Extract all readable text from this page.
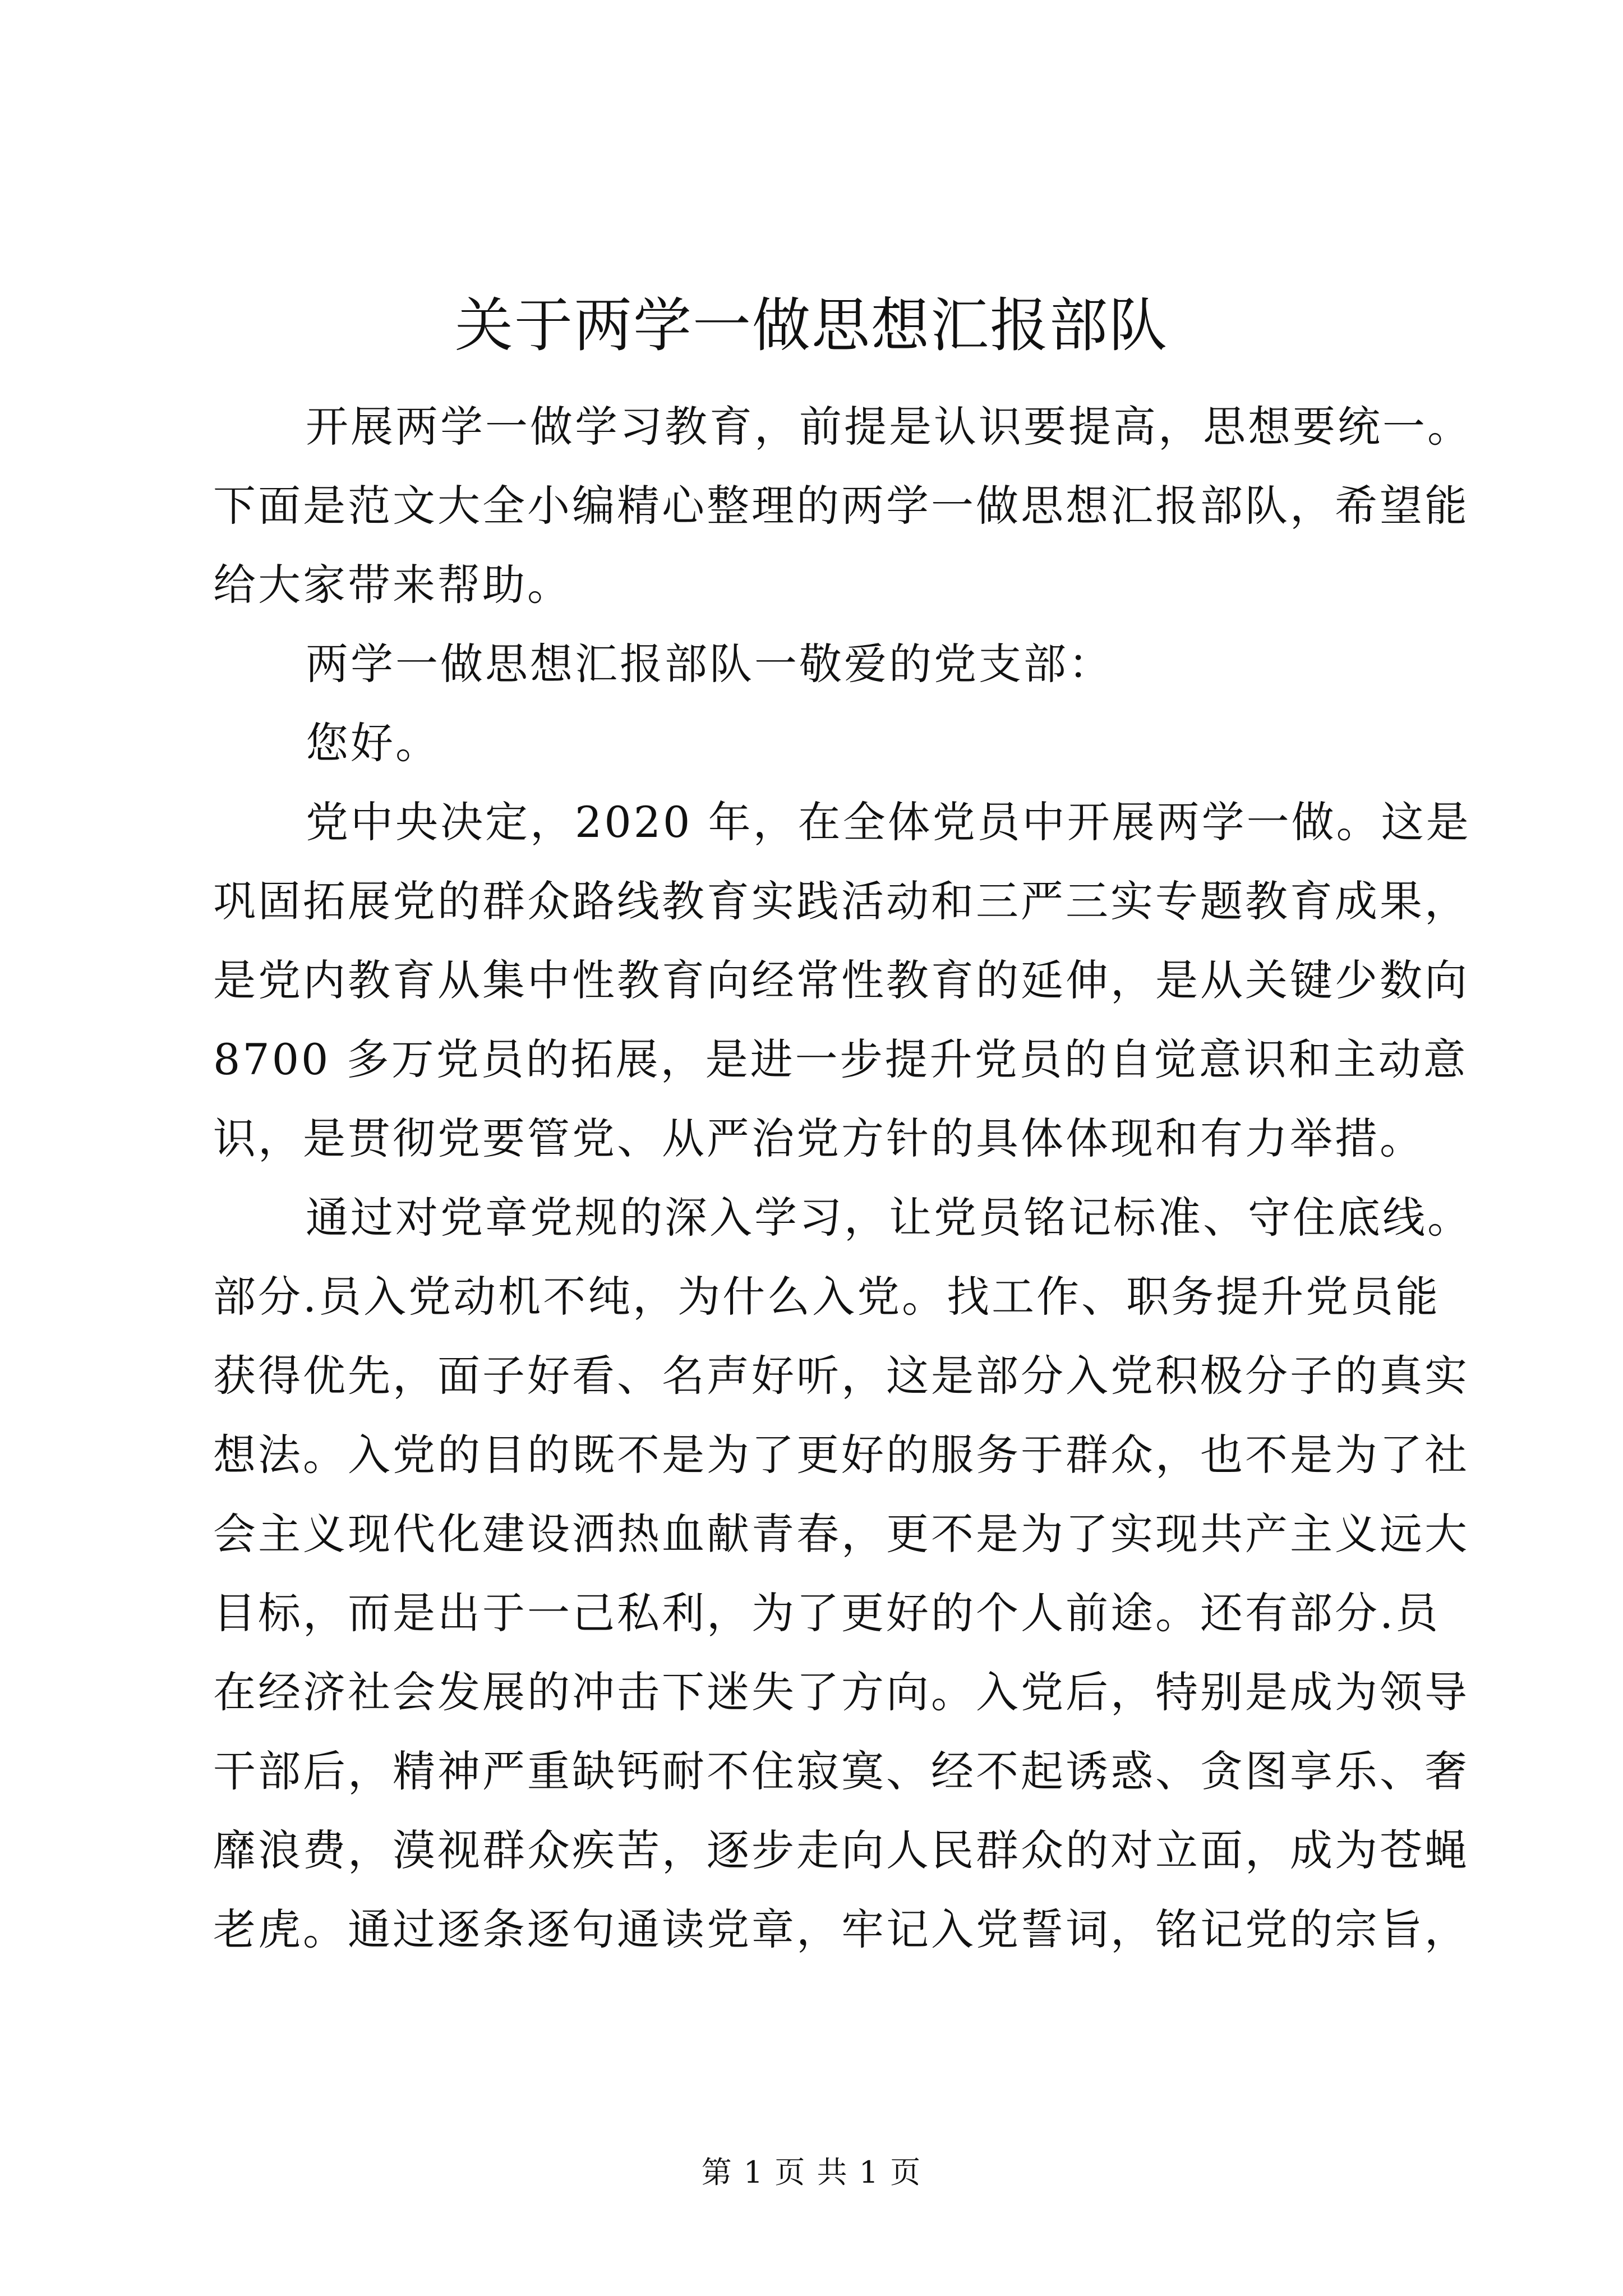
关于两学一做思想汇报部队
开展两学一做学习教育，前提是认识要提高，思想要统一。
下面是范文大全小编精心整理的两学一做思想汇报部队，希望能
给大家带来帮助。
两学一做思想汇报部队一敬爱的党支部：
您好。
党中央决定，2020 年，在全体党员中开展两学一做。这是
巩固拓展党的群众路线教育实践活动和三严三实专题教育成果，
是党内教育从集中性教育向经常性教育的延伸，是从关键少数向
8700 多万党员的拓展，是进一步提升党员的自觉意识和主动意
识，是贯彻党要管党、从严治党方针的具体体现和有力举措。
通过对党章党规的深入学习，让党员铭记标准、守住底线。
部分.员入党动机不纯，为什么入党。找工作、职务提升党员能
获得优先，面子好看、名声好听，这是部分入党积极分子的真实
想法。入党的目的既不是为了更好的服务于群众，也不是为了社
会主义现代化建设洒热血献青春，更不是为了实现共产主义远大
目标，而是出于一己私利，为了更好的个人前途。还有部分.员
在经济社会发展的冲击下迷失了方向。入党后，特别是成为领导
干部后，精神严重缺钙耐不住寂寞、经不起诱惑、贪图享乐、奢
靡浪费，漠视群众疾苦，逐步走向人民群众的对立面，成为苍蝇
老虎。通过逐条逐句通读党章，牢记入党誓词，铭记党的宗旨，
第 1 页 共 1 页
